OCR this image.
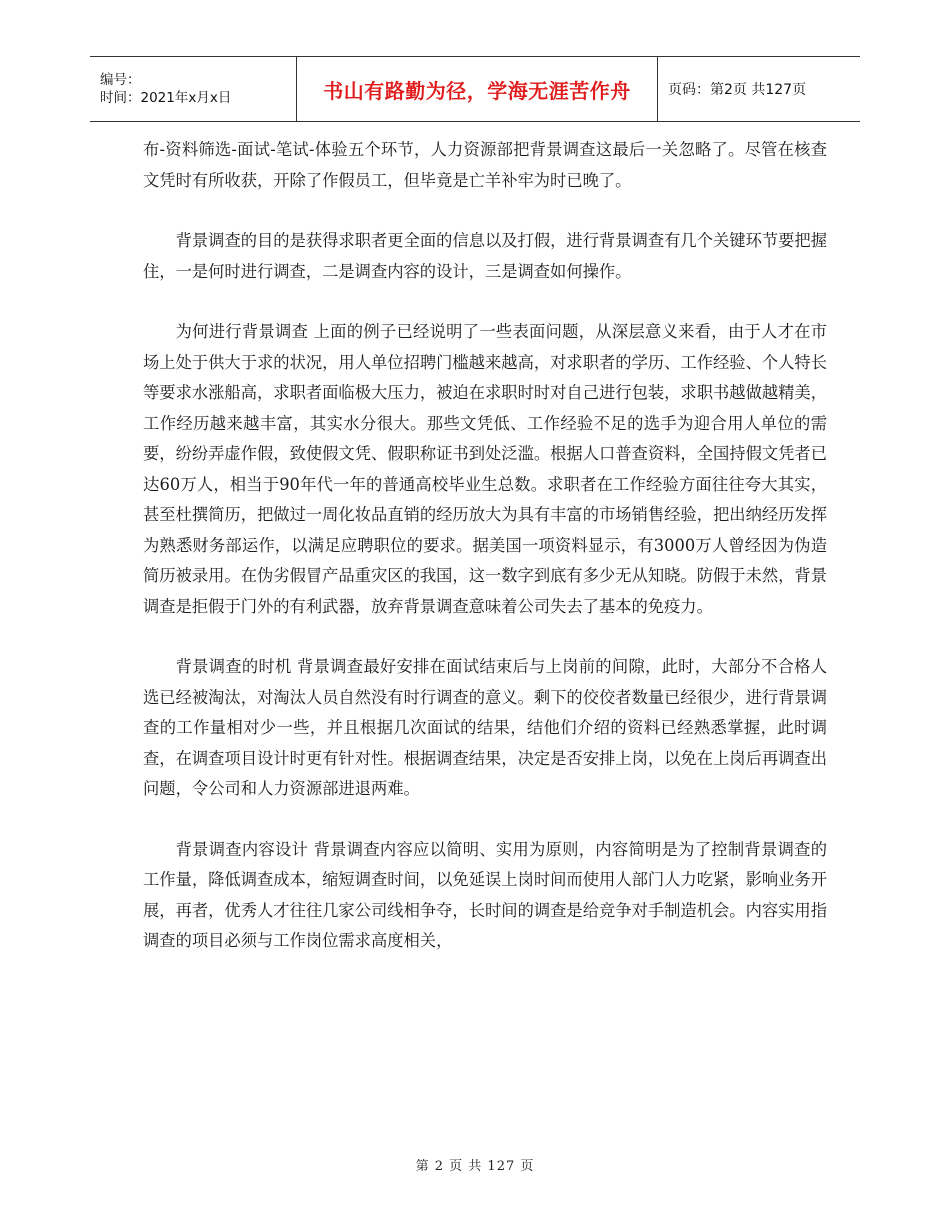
编号：
时间：2021年x月x日	书山有路勤为径，学海无涯苦作舟	页码：第2页 共127页

布-资料筛选-面试-笔试-体验五个环节，人力资源部把背景调查这最后一关忽略了。尽管在核查文凭时有所收获，开除了作假员工，但毕竟是亡羊补牢为时已晚了。

背景调查的目的是获得求职者更全面的信息以及打假，进行背景调查有几个关键环节要把握住，一是何时进行调查，二是调查内容的设计，三是调查如何操作。

为何进行背景调查 上面的例子已经说明了一些表面问题，从深层意义来看，由于人才在市场上处于供大于求的状况，用人单位招聘门槛越来越高，对求职者的学历、工作经验、个人特长等要求水涨船高，求职者面临极大压力，被迫在求职时时对自己进行包装，求职书越做越精美，工作经历越来越丰富，其实水分很大。那些文凭低、工作经验不足的选手为迎合用人单位的需要，纷纷弄虚作假，致使假文凭、假职称证书到处泛滥。根据人口普查资料，全国持假文凭者已达60万人，相当于90年代一年的普通高校毕业生总数。求职者在工作经验方面往往夸大其实，甚至杜撰简历，把做过一周化妆品直销的经历放大为具有丰富的市场销售经验，把出纳经历发挥为熟悉财务部运作，以满足应聘职位的要求。据美国一项资料显示，有3000万人曾经因为伪造简历被录用。在伪劣假冒产品重灾区的我国，这一数字到底有多少无从知晓。防假于未然，背景调查是拒假于门外的有利武器，放弃背景调查意味着公司失去了基本的免疫力。

背景调查的时机 背景调查最好安排在面试结束后与上岗前的间隙，此时，大部分不合格人选已经被淘汰，对淘汰人员自然没有时行调查的意义。剩下的佼佼者数量已经很少，进行背景调查的工作量相对少一些，并且根据几次面试的结果，结他们介绍的资料已经熟悉掌握，此时调查，在调查项目设计时更有针对性。根据调查结果，决定是否安排上岗，以免在上岗后再调查出问题，令公司和人力资源部进退两难。

背景调查内容设计 背景调查内容应以简明、实用为原则，内容简明是为了控制背景调查的工作量，降低调查成本，缩短调查时间，以免延误上岗时间而使用人部门人力吃紧，影响业务开展，再者，优秀人才往往几家公司线相争夺，长时间的调查是给竞争对手制造机会。内容实用指调查的项目必须与工作岗位需求高度相关，

第 2 页 共 127 页
